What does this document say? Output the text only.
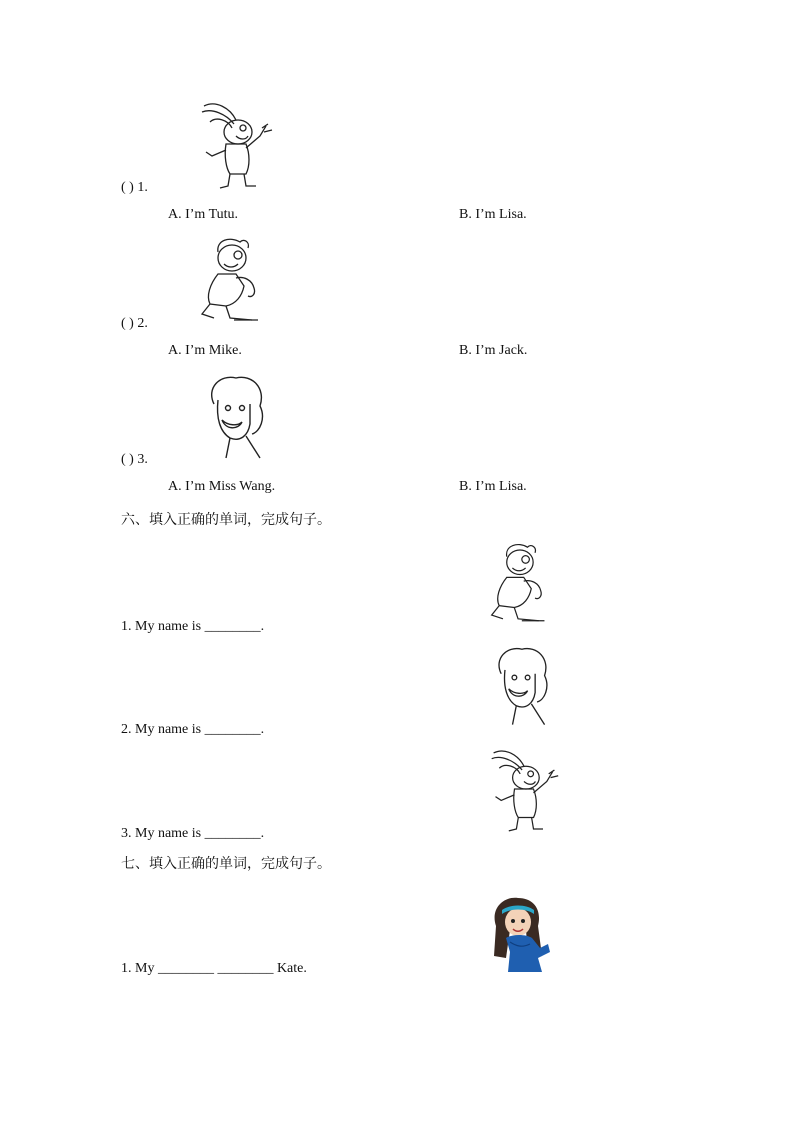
( ) 1.
A. I’m Tutu.	B. I’m Lisa.
( ) 2.
A. I’m Mike.	B. I’m Jack.
( ) 3.
A. I’m Miss Wang.	B. I’m Lisa.
六、填入正确的单词，完成句子。
1. My name is ________.
2. My name is ________.
3. My name is ________.
七、填入正确的单词，完成句子。
1. My ________ ________ Kate.
